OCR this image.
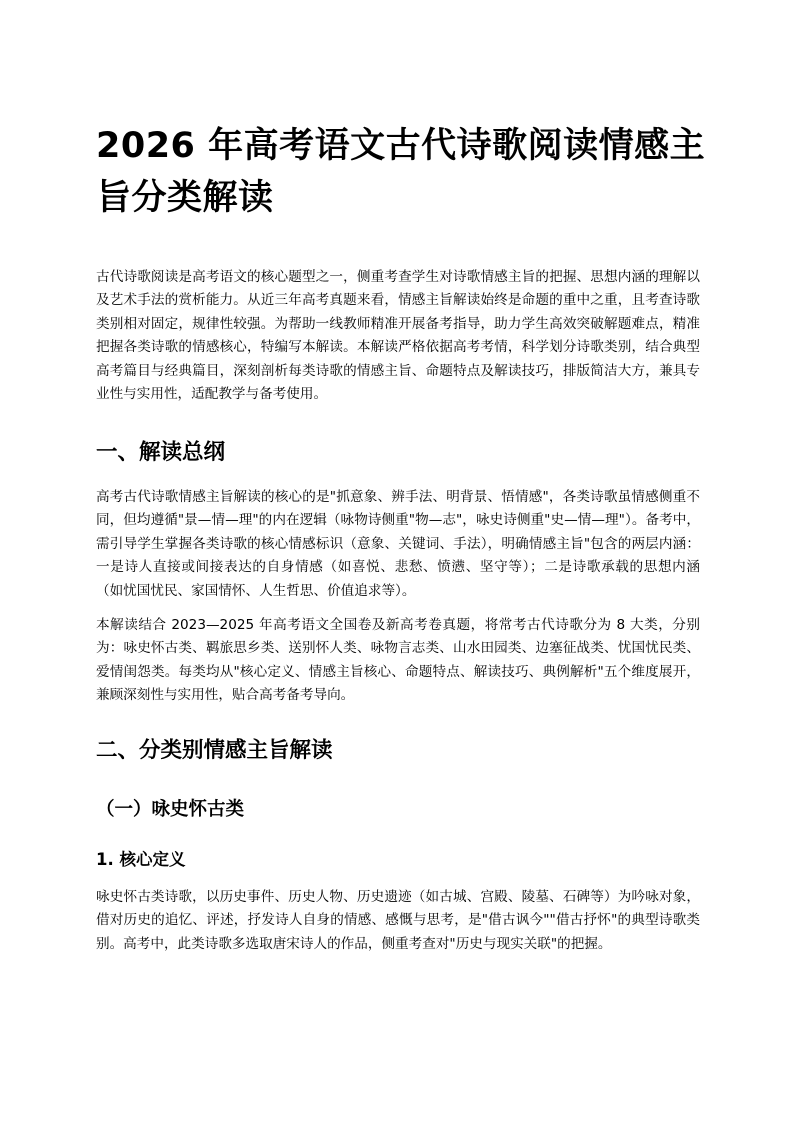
2026 年高考语文古代诗歌阅读情感主旨分类解读

古代诗歌阅读是高考语文的核心题型之一，侧重考查学生对诗歌情感主旨的把握、思想内涵的理解以及艺术手法的赏析能力。从近三年高考真题来看，情感主旨解读始终是命题的重中之重，且考查诗歌类别相对固定，规律性较强。为帮助一线教师精准开展备考指导，助力学生高效突破解题难点，精准把握各类诗歌的情感核心，特编写本解读。本解读严格依据高考考情，科学划分诗歌类别，结合典型高考篇目与经典篇目，深刻剖析每类诗歌的情感主旨、命题特点及解读技巧，排版简洁大方，兼具专业性与实用性，适配教学与备考使用。

一、解读总纲

高考古代诗歌情感主旨解读的核心的是"抓意象、辨手法、明背景、悟情感"，各类诗歌虽情感侧重不同，但均遵循"景—情—理"的内在逻辑（咏物诗侧重"物—志"，咏史诗侧重"史—情—理"）。备考中，需引导学生掌握各类诗歌的核心情感标识（意象、关键词、手法），明确情感主旨"包含的两层内涵：一是诗人直接或间接表达的自身情感（如喜悦、悲愁、愤懑、坚守等）；二是诗歌承载的思想内涵（如忧国忧民、家国情怀、人生哲思、价值追求等）。

本解读结合 2023—2025 年高考语文全国卷及新高考卷真题，将常考古代诗歌分为 8 大类，分别为：咏史怀古类、羁旅思乡类、送别怀人类、咏物言志类、山水田园类、边塞征战类、忧国忧民类、爱情闺怨类。每类均从"核心定义、情感主旨核心、命题特点、解读技巧、典例解析"五个维度展开，兼顾深刻性与实用性，贴合高考备考导向。

二、分类别情感主旨解读
（一）咏史怀古类
1. 核心定义

咏史怀古类诗歌，以历史事件、历史人物、历史遗迹（如古城、宫殿、陵墓、石碑等）为吟咏对象，借对历史的追忆、评述，抒发诗人自身的情感、感慨与思考，是"借古讽今""借古抒怀"的典型诗歌类别。高考中，此类诗歌多选取唐宋诗人的作品，侧重考查对"历史与现实关联"的把握。
